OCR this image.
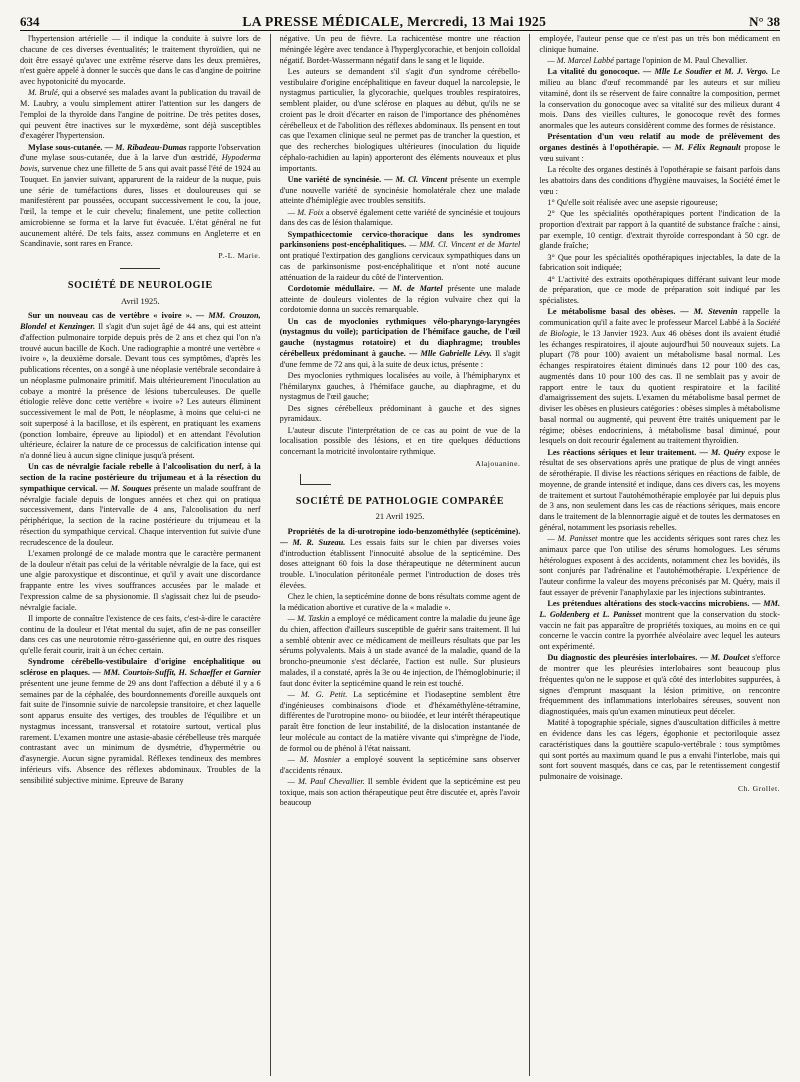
634	LA PRESSE MÉDICALE, Mercredi, 13 Mai 1925	N° 38

l'hypertension artérielle — il indique la conduite à suivre lors de chacune de ces diverses éventualités; le traitement thyroïdien, qui ne doit être essayé qu'avec une extrême réserve dans les deux premières, n'est guère appelé à donner le succès que dans le cas d'angine de poitrine avec hypotonicité du myocarde.

M. Brulé, qui a observé ses malades avant la publication du travail de M. Laubry, a voulu simplement attirer l'attention sur les dangers de l'emploi de la thyroïde dans l'angine de poitrine. De très petites doses, qui peuvent être inactives sur le myxœdème, sont déjà susceptibles d'exagérer l'hypertension.

Mylase sous-cutanée. — M. Ribadeau-Dumas rapporte l'observation d'une mylase sous-cutanée, due à la larve d'un œstridé, Hypoderma bovis, survenue chez une fillette de 5 ans qui avait passé l'été de 1924 au Touquet. En janvier suivant, apparurent de la raideur de la nuque, puis une série de tuméfactions dures, lisses et douloureuses qui se manifestèrent par poussées, occupant successivement le cou, la joue, l'œil, la tempe et le cuir chevelu; finalement, une petite collection amicrobienne se forma et la larve fut évacuée. L'état général ne fut aucunement altéré. De tels faits, assez communs en Angleterre et en Scandinavie, sont rares en France.

P.-L. Marie.
SOCIÉTÉ DE NEUROLOGIE
Avril 1925.

Sur un nouveau cas de vertèbre « ivoire ». — MM. Crouzon, Blondel et Kenzinger. Il s'agit d'un sujet âgé de 44 ans, qui est atteint d'affection pulmonaire torpide depuis près de 2 ans et chez qui l'on n'a trouvé aucun bacille de Koch. Une radiographie a montré une vertèbre « ivoire », la deuxième dorsale. Devant tous ces symptômes, d'après les publications récentes, on a songé à une néoplasie vertébrale secondaire à un néoplasme pulmonaire primitif. Mais ultérieurement l'inoculation au cobaye a montré la présence de lésions tuberculeuses. De quelle étiologie relève donc cette vertèbre « ivoire »? Les auteurs éliminent successivement le mal de Pott, le néoplasme, à moins que celui-ci ne soit superposé à la bacillose, et ils espèrent, en pratiquant les examens (ponction lombaire, épreuve au lipiodol) et en attendant l'évolution ultérieure, éclairer la nature de ce processus de calcification intense qui n'a donné lieu à aucun signe clinique jusqu'à présent.

Un cas de névralgie faciale rebelle à l'alcoolisation du nerf, à la section de la racine postérieure du trijumeau et à la résection du sympathique cervical. — M. Souques présente un malade souffrant de névralgie faciale depuis de longues années et chez qui on pratiqua successivement, dans l'intervalle de 4 ans, l'alcoolisation du nerf périphérique, la section de la racine postérieure du trijumeau et la résection du sympathique cervical. Chaque intervention fut suivie d'une recrudescence de la douleur.

L'examen prolongé de ce malade montra que le caractère permanent de la douleur n'était pas celui de la véritable névralgie de la face, qui est une algie paroxystique et discontinue, et qu'il y avait une discordance frappante entre les vives souffrances accusées par le malade et l'expression calme de sa physionomie. Il s'agissait chez lui de pseudo-névralgie faciale.

Il importe de connaître l'existence de ces faits, c'est-à-dire le caractère continu de la douleur et l'état mental du sujet, afin de ne pas conseiller dans ces cas une neurotomie rétro-gassérienne qui, en outre des risques qu'elle ferait courir, irait à un échec certain.

Syndrome cérébello-vestibulaire d'origine encéphalitique ou sclérose en plaques. — MM. Courtois-Suffit, H. Schaeffer et Garnier présentent une jeune femme de 29 ans dont l'affection a débuté il y a 6 semaines par de la céphalée, des bourdonnements d'oreille auxquels ont fait suite de l'insomnie suivie de narcolepsie transitoire, et chez laquelle sont apparus ensuite des vertiges, des troubles de l'équilibre et un nystagmus incessant, transversal et rotatoire surtout, vertical plus rarement. L'examen montre une astasie-abasie cérébelleuse très marquée contrastant avec un minimum de dysmétrie, d'hypermétrie ou d'asynergie. Aucun signe pyramidal. Réflexes tendineux des membres inférieurs vifs. Absence des réflexes abdominaux. Troubles de la sensibilité subjective minime. Epreuve de Barany

négative. Un peu de fièvre. La rachicentèse montre une réaction méningée légère avec tendance à l'hyperglycorachie, et benjoin colloïdal négatif. Bordet-Wassermann négatif dans le sang et le liquide.

Les auteurs se demandent s'il s'agit d'un syndrome cérébello-vestibulaire d'origine encéphalitique en faveur duquel la narcolepsie, le nystagmus particulier, la glycorachie, quelques troubles respiratoires, semblent plaider, ou d'une sclérose en plaques au début, qu'ils ne se croient pas le droit d'écarter en raison de l'importance des phénomènes cérébelleux et de l'abolition des réflexes abdominaux. Ils pensent en tout cas que l'examen clinique seul ne permet pas de trancher la question, et que des recherches biologiques ultérieures (inoculation du liquide céphalo-rachidien au lapin) apporteront des éléments nouveaux et plus importants.

Une variété de syncinésie. — M. Cl. Vincent présente un exemple d'une nouvelle variété de syncinésie homolatérale chez une malade atteinte d'hémiplégie avec troubles sensitifs.

— M. Foix a observé également cette variété de syncinésie et toujours dans des cas de lésion thalamique.

Sympathicectomie cervico-thoracique dans les syndromes parkinsoniens post-encéphalitiques. — MM. Cl. Vincent et de Martel ont pratiqué l'extirpation des ganglions cervicaux sympathiques dans un cas de parkinsonisme post-encéphalitique et n'ont noté aucune atténuation de la raideur du côté de l'intervention.

Cordotomie médullaire. — M. de Martel présente une malade atteinte de douleurs violentes de la région vulvaire chez qui la cordotomie donna un succès remarquable.

Un cas de myoclonies rythmiques vélo-pharyngo-laryngées (nystagmus du voile); participation de l'hémiface gauche, de l'œil gauche (nystagmus rotatoire) et du diaphragme; troubles cérébelleux prédominant à gauche. — Mlle Gabrielle Lévy. Il s'agit d'une femme de 72 ans qui, à la suite de deux ictus, présente :

Des myoclonies rythmiques localisées au voile, à l'hémipharynx et l'hémilarynx gauches, à l'hémiface gauche, au diaphragme, et du nystagmus de l'œil gauche;

Des signes cérébelleux prédominant à gauche et des signes pyramidaux.

L'auteur discute l'interprétation de ce cas au point de vue de la localisation possible des lésions, et en tire quelques déductions concernant la motricité involontaire rythmique.

Alajouanine.
SOCIÉTÉ DE PATHOLOGIE COMPARÉE
21 Avril 1925.

Propriétés de la di-urotropine iodo-benzométhylée (septicémine). — M. R. Suzeau. Les essais faits sur le chien par diverses voies d'introduction établissent l'innocuité absolue de la septicémine. Des doses atteignant 60 fois la dose thérapeutique ne déterminent aucun trouble. L'inoculation péritonéale permet l'introduction de doses très élevées.

Chez le chien, la septicémine donne de bons résultats comme agent de la médication abortive et curative de la « maladie ».

— M. Taskin a employé ce médicament contre la maladie du jeune âge du chien, affection d'ailleurs susceptible de guérir sans traitement. Il lui a semblé obtenir avec ce médicament de meilleurs résultats que par les sérums polyvalents. Mais à un stade avancé de la maladie, quand de la broncho-pneumonie s'est déclarée, l'action est nulle. Sur plusieurs malades, il a constaté, après la 3e ou 4e injection, de l'hémoglobinurie; il faut donc éviter la septicémine quand le rein est touché.

— M. G. Petit. La septicémine et l'iodaseptine semblent être d'ingénieuses combinaisons d'iode et d'héxaméthylène-tétramine, différentes de l'urotropine mono- ou biiodée, et leur intérêt thérapeutique paraît être fonction de leur instabilité, de la dislocation instantanée de leur molécule au contact de la matière vivante qui s'imprègne de l'iode, de formol ou de phénol à l'état naissant.

— M. Mosnier a employé souvent la septicémine sans observer d'accidents rénaux.

— M. Paul Chevallier. Il semble évident que la septicémine est peu toxique, mais son action thérapeutique peut être discutée et, après l'avoir beaucoup

employée, l'auteur pense que ce n'est pas un très bon médicament en clinique humaine.

— M. Marcel Labbé partage l'opinion de M. Paul Chevallier.

La vitalité du gonocoque. — Mlle Le Soudier et M. J. Vergo. Le milieu au blanc d'œuf recommandé par les auteurs et sur milieu vitaminé, dont ils se réservent de faire connaître la composition, permet la conservation du gonocoque avec sa vitalité sur des milieux durant 4 mois. Dans des vieilles cultures, le gonocoque revêt des formes anormales que les auteurs considèrent comme des formes de résistance.

Présentation d'un vœu relatif au mode de prélèvement des organes destinés à l'opothérapie. — M. Félix Regnault propose le vœu suivant :

La récolte des organes destinés à l'opothérapie se faisant parfois dans les abattoirs dans des conditions d'hygiène mauvaises, la Société émet le vœu :

1° Qu'elle soit réalisée avec une asepsie rigoureuse;

2° Que les spécialités opothérapiques portent l'indication de la proportion d'extrait par rapport à la quantité de substance fraîche : ainsi, par exemple, 10 centigr. d'extrait thyroïde correspondant à 50 cgr. de glande fraîche;

3° Que pour les spécialités opothérapiques injectables, la date de la fabrication soit indiquée;

4° L'activité des extraits opothérapiques différant suivant leur mode de préparation, que ce mode de préparation soit indiqué par les spécialistes.

Le métabolisme basal des obèses. — M. Stevenin rappelle la communication qu'il a faite avec le professeur Marcel Labbé à la Société de Biologie, le 13 Janvier 1923. Aux 46 obèses dont ils avaient étudié les échanges respiratoires, il ajoute aujourd'hui 50 nouveaux sujets. La plupart (78 pour 100) avaient un métabolisme basal normal. Les échanges respiratoires étaient diminués dans 12 pour 100 des cas, augmentés dans 10 pour 100 des cas. Il ne semblait pas y avoir de rapport entre le taux du quotient respiratoire et la facilité d'amaigrissement des sujets. L'examen du métabolisme basal permet de diviser les obèses en plusieurs catégories : obèses simples à métabolisme basal normal ou augmenté, qui peuvent être traités uniquement par le régime; obèses endocriniens, à métabolisme basal diminué, pour lesquels on doit recourir également au traitement thyroïdien.

Les réactions sériques et leur traitement. — M. Quéry expose le résultat de ses observations après une pratique de plus de vingt années de sérothérapie. Il divise les réactions sériques en réactions de faible, de moyenne, de grande intensité et indique, dans ces divers cas, les moyens de traitement et surtout l'autohémothérapie employée par lui depuis plus de 3 ans, non seulement dans les cas de réactions sériques, mais encore dans le traitement de la blennorragie aiguë et de toutes les dermatoses en général, notamment les psoriasis rebelles.

— M. Panisset montre que les accidents sériques sont rares chez les animaux parce que l'on utilise des sérums homologues. Les sérums hétérologues exposent à des accidents, notamment chez les bovidés, ils sont conjurés par l'adrénaline et l'autohémothérapie. L'expérience de l'auteur confirme la valeur des moyens préconisés par M. Quéry, mais il faut essayer de prévenir l'anaphylaxie par les injections subintrantes.

Les prétendues altérations des stock-vaccins microbiens. — MM. L. Goldenberg et L. Panisset montrent que la conservation du stock-vaccin ne fait pas apparaître de propriétés toxiques, au moins en ce qui concerne le vaccin contre la pyorrhée alvéolaire avec lequel les auteurs ont expérimenté.

Du diagnostic des pleurésies interlobaires. — M. Doulcet s'efforce de montrer que les pleurésies interlobaires sont beaucoup plus fréquentes qu'on ne le suppose et qu'à côté des interlobites suppurées, à signes d'emprunt masquant la lésion primitive, on rencontre fréquemment des inflammations interlobaires séreuses, souvent non diagnostiquées, mais qu'un examen minutieux peut déceler.

Matité à topographie spéciale, signes d'auscultation difficiles à mettre en évidence dans les cas légers, égophonie et pectoriloquie assez caractéristiques dans la gouttière scapulo-vertébrale : tous symptômes qui sont portés au maximum quand le pus a envahi l'interlobe, mais qui sont fort souvent masqués, dans ce cas, par le retentissement congestif pulmonaire de voisinage.

Ch. Grollet.
